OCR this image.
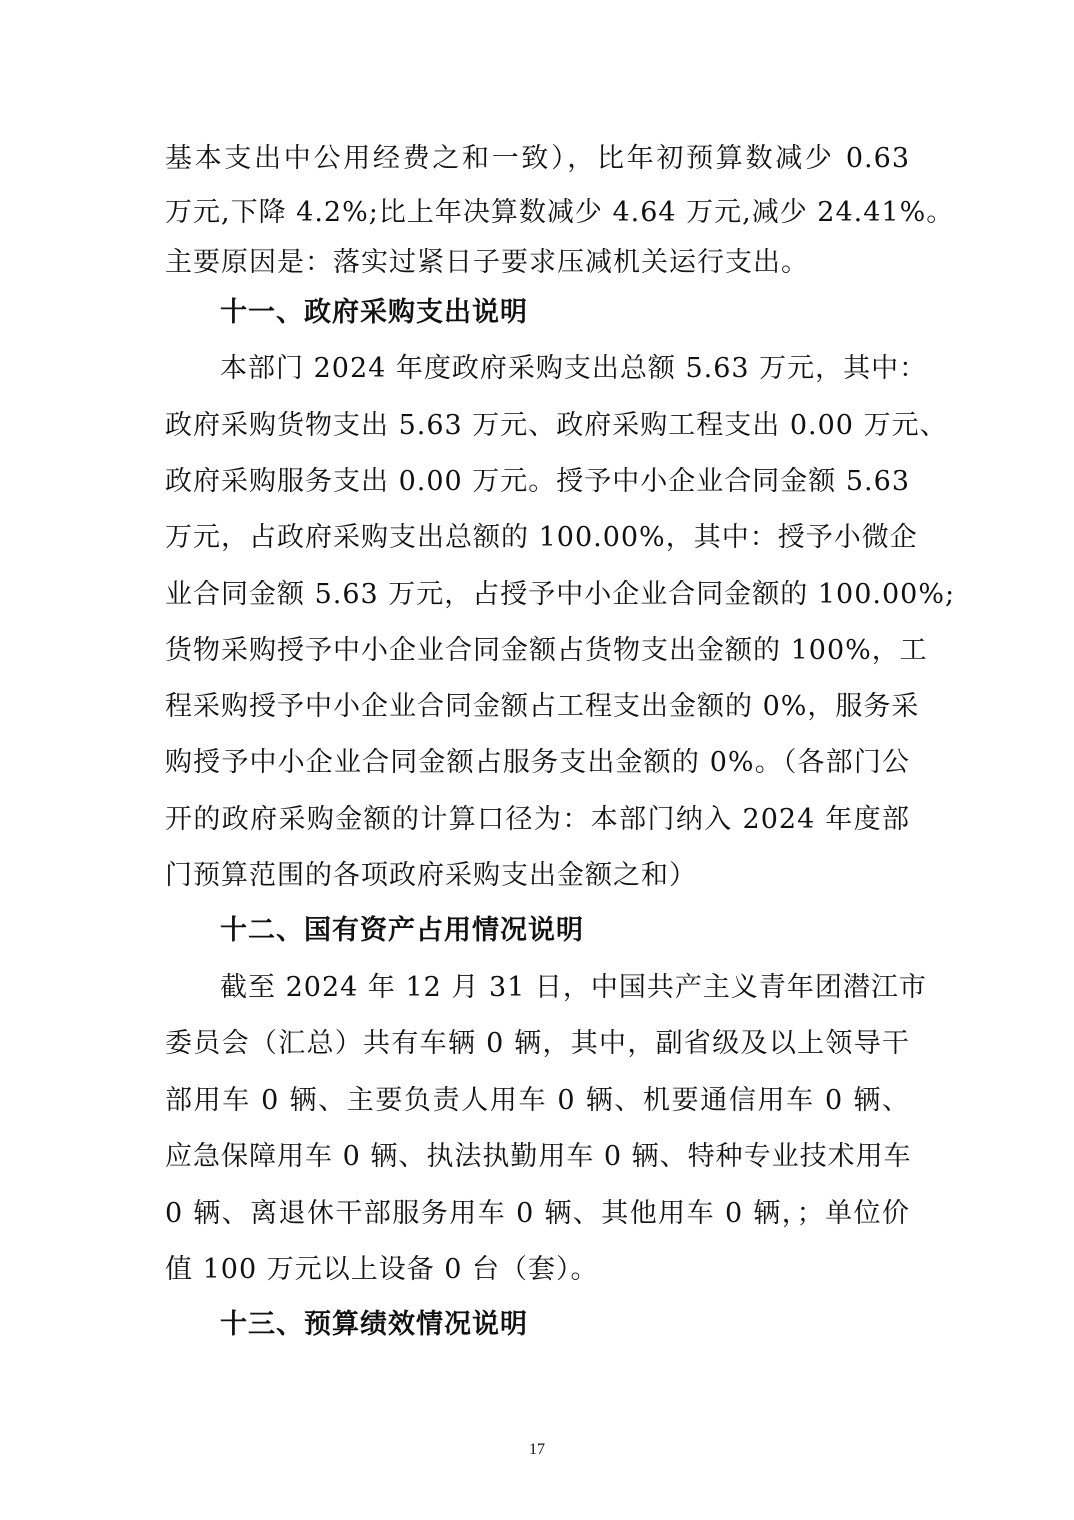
基本支出中公用经费之和一致），比年初预算数减少 0.63
万元,下降 4.2%;比上年决算数减少 4.64 万元,减少 24.41%。
主要原因是：落实过紧日子要求压减机关运行支出。
十一、政府采购支出说明
本部门 2024 年度政府采购支出总额 5.63 万元，其中：
政府采购货物支出 5.63 万元、政府采购工程支出 0.00 万元、
政府采购服务支出 0.00 万元。授予中小企业合同金额 5.63
万元，占政府采购支出总额的 100.00%，其中：授予小微企
业合同金额 5.63 万元，占授予中小企业合同金额的 100.00%;
货物采购授予中小企业合同金额占货物支出金额的 100%，工
程采购授予中小企业合同金额占工程支出金额的 0%，服务采
购授予中小企业合同金额占服务支出金额的 0%。（各部门公
开的政府采购金额的计算口径为：本部门纳入 2024 年度部
门预算范围的各项政府采购支出金额之和）
十二、国有资产占用情况说明
截至 2024 年 12 月 31 日，中国共产主义青年团潜江市
委员会（汇总）共有车辆 0 辆，其中，副省级及以上领导干
部用车 0 辆、主要负责人用车 0 辆、机要通信用车 0 辆、
应急保障用车 0 辆、执法执勤用车 0 辆、特种专业技术用车
0 辆、离退休干部服务用车 0 辆、其他用车 0 辆，；单位价
值 100 万元以上设备 0 台（套）。
十三、预算绩效情况说明
17
